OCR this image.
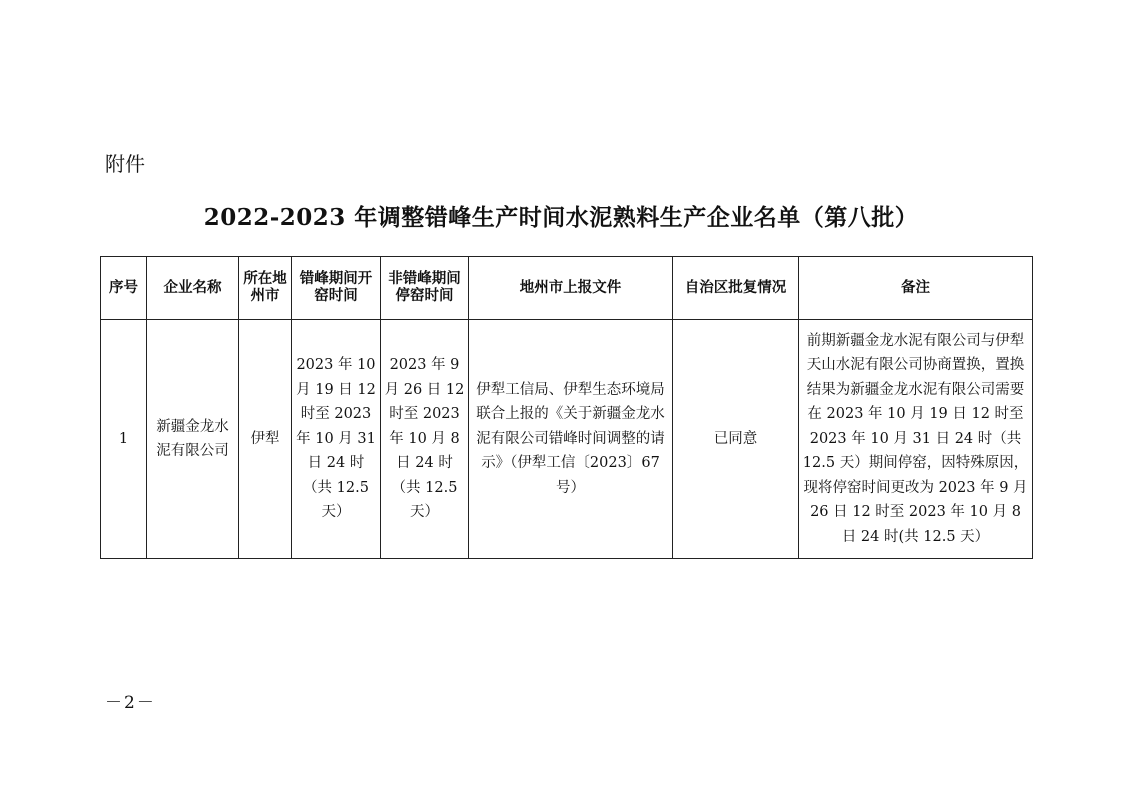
附件
2022-2023 年调整错峰生产时间水泥熟料生产企业名单（第八批）
序号	企业名称	所在地州市	错峰期间开窑时间	非错峰期间停窑时间	地州市上报文件	自治区批复情况	备注
1	新疆金龙水泥有限公司	伊犁	2023 年 10 月 19 日 12 时至 2023 年 10 月 31 日 24 时（共 12.5 天）	2023 年 9 月 26 日 12 时至 2023 年 10 月 8 日 24 时（共 12.5 天）	伊犁工信局、伊犁生态环境局联合上报的《关于新疆金龙水泥有限公司错峰时间调整的请示》（伊犁工信〔2023〕67 号）	已同意	前期新疆金龙水泥有限公司与伊犁天山水泥有限公司协商置换，置换结果为新疆金龙水泥有限公司需要在 2023 年 10 月 19 日 12 时至 2023 年 10 月 31 日 24 时（共 12.5 天）期间停窑，因特殊原因，现将停窑时间更改为 2023 年 9 月 26 日 12 时至 2023 年 10 月 8 日 24 时(共 12.5 天）
－2－
